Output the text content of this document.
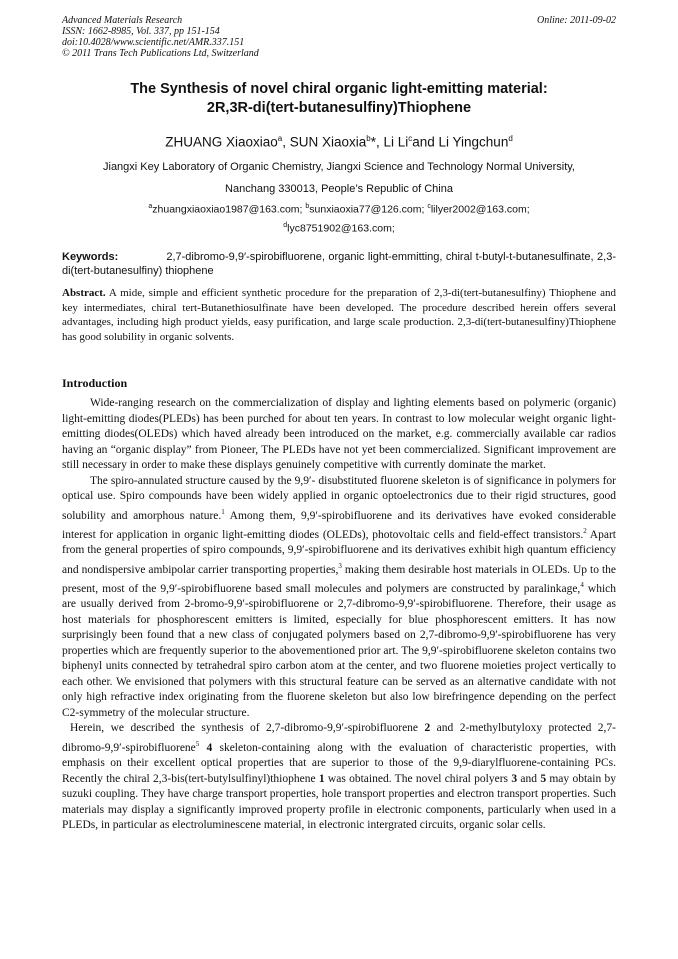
Advanced Materials Research
ISSN: 1662-8985, Vol. 337, pp 151-154
doi:10.4028/www.scientific.net/AMR.337.151
© 2011 Trans Tech Publications Ltd, Switzerland
Online: 2011-09-02
The Synthesis of novel chiral organic light-emitting material:
2R,3R-di(tert-butanesulfiny)Thiophene
ZHUANG Xiaoxiao$^a$, SUN Xiaoxia$^b$*, Li Li$^c$and Li Yingchun$^d$
Jiangxi Key Laboratory of Organic Chemistry, Jiangxi Science and Technology Normal University,
Nanchang 330013, People’s Republic of China
$^a$zhuangxiaoxiao1987@163.com; $^b$sunxiaoxia77@126.com; $^c$lilyer2002@163.com;
$^d$lyc8751902@163.com;
Keywords:	2,7-dibromo-9,9′-spirobifluorene, organic light-emmitting, chiral t-butyl-t-butanesulfinate, 2,3-di(tert-butanesulfiny) thiophene
Abstract. A mide, simple and efficient synthetic procedure for the preparation of 2,3-di(tert-butanesulfiny) Thiophene and key intermediates, chiral tert-Butanethiosulfinate have been developed. The procedure described herein offers several advantages, including high product yields, easy purification, and large scale production. 2,3-di(tert-butanesulfiny)Thiophene has good solubility in organic solvents.
Introduction

Wide-ranging research on the commercialization of display and lighting elements based on polymeric (organic) light-emitting diodes(PLEDs) has been purched for about ten years. In contrast to low molecular weight organic light-emitting diodes(OLEDs) which haved already been introduced on the market, e.g. commercially available car radios having an “organic display” from Pioneer, The PLEDs have not yet been commercialized. Significant improvement are still necessary in order to make these displays genuinely competitive with currently dominate the market.

The spiro-annulated structure caused by the 9,9′- disubstituted fluorene skeleton is of significance in polymers for optical use. Spiro compounds have been widely applied in organic optoelectronics due to their rigid structures, good solubility and amorphous nature.$^1$ Among them, 9,9′-spirobifluorene and its derivatives have evoked considerable interest for application in organic light-emitting diodes (OLEDs), photovoltaic cells and field-effect transistors.$^2$ Apart from the general properties of spiro compounds, 9,9′-spirobifluorene and its derivatives exhibit high quantum efficiency and nondispersive ambipolar carrier transporting properties,$^3$ making them desirable host materials in OLEDs. Up to the present, most of the 9,9′-spirobifluorene based small molecules and polymers are constructed by paralinkage,$^4$ which are usually derived from 2-bromo-9,9′-spirobifluorene or 2,7-dibromo-9,9′-spirobifluorene. Therefore, their usage as host materials for phosphorescent emitters is limited, especially for blue phosphorescent emitters. It has now surprisingly been found that a new class of conjugated polymers based on 2,7-dibromo-9,9′-spirobifluorene has very properties which are frequently superior to the abovementioned prior art. The 9,9′-spirobifluorene skeleton contains two biphenyl units connected by tetrahedral spiro carbon atom at the center, and two fluorene moieties project vertically to each other. We envisioned that polymers with this structural feature can be served as an alternative candidate with not only high refractive index originating from the fluorene skeleton but also low birefringence depending on the perfect C2-symmetry of the molecular structure.

Herein, we described the synthesis of 2,7-dibromo-9,9′-spirobifluorene 2 and 2-methylbutyloxy protected 2,7-dibromo-9,9′-spirobifluorene$^5$ 4 skeleton-containing along with the evaluation of characteristic properties, with emphasis on their excellent optical properties that are superior to those of the 9,9-diarylfluorene-containing PCs. Recently the chiral 2,3-bis(tert-butylsulfinyl)thiophene 1 was obtained. The novel chiral polyers 3 and 5 may obtain by suzuki coupling. They have charge transport properties, hole transport properties and electron transport properties. Such materials may display a significantly improved property profile in electronic components, particularly when used in a PLEDs, in particular as electroluminescene material, in electronic intergrated circuits, organic solar cells.
